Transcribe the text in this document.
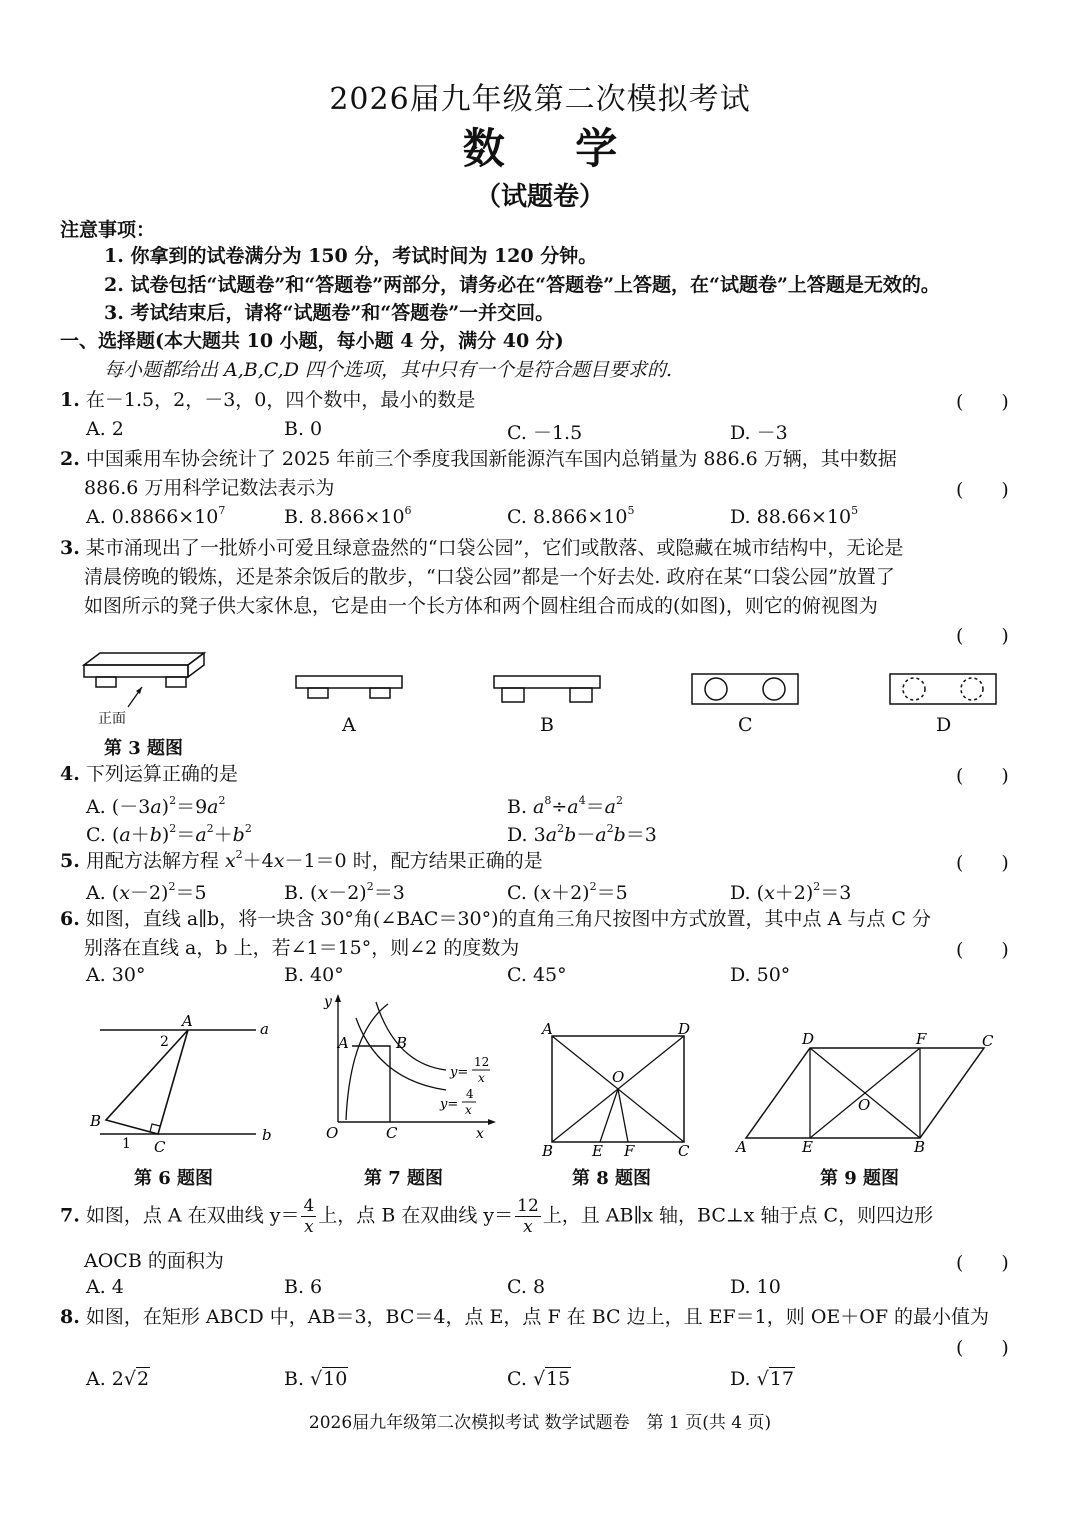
2026届九年级第二次模拟考试
数 学
（试题卷）
注意事项：
1. 你拿到的试卷满分为 150 分，考试时间为 120 分钟。
2. 试卷包括“试题卷”和“答题卷”两部分，请务必在“答题卷”上答题，在“试题卷”上答题是无效的。
3. 考试结束后，请将“试题卷”和“答题卷”一并交回。
一、选择题(本大题共 10 小题，每小题 4 分，满分 40 分)
每小题都给出 A,B,C,D 四个选项，其中只有一个是符合题目要求的.
1. 在－1.5，2，－3，0，四个数中，最小的数是	(　　)
A. 2	B. 0	C. －1.5	D. －3
2. 中国乘用车协会统计了 2025 年前三个季度我国新能源汽车国内总销量为 886.6 万辆，其中数据
886.6 万用科学记数法表示为	(　　)
A. $0.8866\times 10^7$	B. $8.866\times 10^6$	C. $8.866\times 10^5$	D. $88.66\times 10^5$
3. 某市涌现出了一批娇小可爱且绿意盎然的“口袋公园”，它们或散落、或隐藏在城市结构中，无论是
清晨傍晚的锻炼，还是茶余饭后的散步，“口袋公园”都是一个好去处. 政府在某“口袋公园”放置了
如图所示的凳子供大家休息，它是由一个长方体和两个圆柱组合而成的(如图)，则它的俯视图为
(　　)
正面
第 3 题图
A	B	C	D
4. 下列运算正确的是	(　　)
A. $(-3a)^2=9a^2$	B. $a^8\div a^4=a^2$
C. $(a+b)^2=a^2+b^2$	D. $3a^2b-a^2b=3$
5. 用配方法解方程 $x^2+4x-1=0$ 时，配方结果正确的是	(　　)
A. $(x-2)^2=5$	B. $(x-2)^2=3$	C. $(x+2)^2=5$	D. $(x+2)^2=3$
6. 如图，直线 a∥b，将一块含 30°角(∠BAC＝30°)的直角三角尺按图中方式放置，其中点 A 与点 C 分
别落在直线 a，b 上，若∠1＝15°，则∠2 的度数为	(　　)
A. 30°	B. 40°	C. 45°	D. 50°
A
B
C
2
1
a
b
第 6 题图
y
x
O
A	B
C
y=
12
x
y=
4
x
第 7 题图
A	D
B	C
E F
O
第 8 题图
D	F	C
A	E	B
O
第 9 题图
7. 如图，点 A 在双曲线 $y= \frac{4}{x}$ 上，点 B 在双曲线 $y= \frac{12}{x}$ 上，且 AB∥x 轴，BC⊥x 轴于点 C，则四边形
AOCB 的面积为	(　　)
A. 4	B. 6	C. 8	D. 10
8. 如图，在矩形 ABCD 中，AB＝3，BC＝4，点 E，点 F 在 BC 边上，且 EF＝1，则 OE＋OF 的最小值为
(　　)
A. 2√2	B. √10	C. √15	D. √17
2026届九年级第二次模拟考试 数学试题卷　第 1 页(共 4 页)
